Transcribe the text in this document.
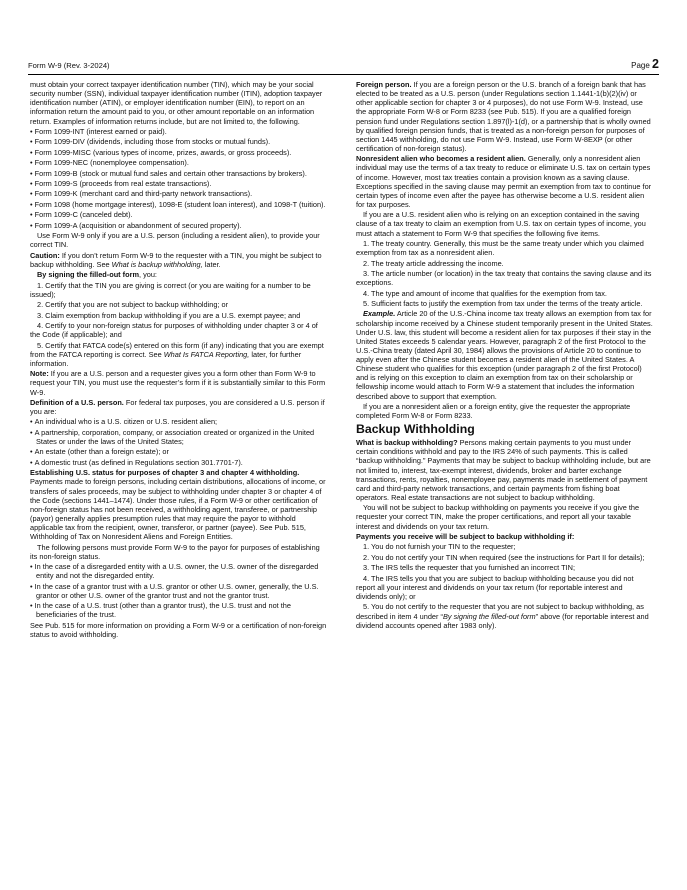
Form W-9 (Rev. 3-2024)	Page 2

must obtain your correct taxpayer identification number (TIN), which may be your social security number (SSN), individual taxpayer identification number (ITIN), adoption taxpayer identification number (ATIN), or employer identification number (EIN), to report on an information return the amount paid to you, or other amount reportable on an information return. Examples of information returns include, but are not limited to, the following.

• Form 1099-INT (interest earned or paid).

• Form 1099-DIV (dividends, including those from stocks or mutual funds).

• Form 1099-MISC (various types of income, prizes, awards, or gross proceeds).

• Form 1099-NEC (nonemployee compensation).

• Form 1099-B (stock or mutual fund sales and certain other transactions by brokers).

• Form 1099-S (proceeds from real estate transactions).

• Form 1099-K (merchant card and third-party network transactions).

• Form 1098 (home mortgage interest), 1098-E (student loan interest), and 1098-T (tuition).

• Form 1099-C (canceled debt).

• Form 1099-A (acquisition or abandonment of secured property).

Use Form W-9 only if you are a U.S. person (including a resident alien), to provide your correct TIN.

Caution: If you don’t return Form W-9 to the requester with a TIN, you might be subject to backup withholding. See What is backup withholding, later.

By signing the filled-out form, you:

1. Certify that the TIN you are giving is correct (or you are waiting for a number to be issued);

2. Certify that you are not subject to backup withholding; or

3. Claim exemption from backup withholding if you are a U.S. exempt payee; and

4. Certify to your non-foreign status for purposes of withholding under chapter 3 or 4 of the Code (if applicable); and

5. Certify that FATCA code(s) entered on this form (if any) indicating that you are exempt from the FATCA reporting is correct. See What Is FATCA Reporting, later, for further information.

Note: If you are a U.S. person and a requester gives you a form other than Form W-9 to request your TIN, you must use the requester’s form if it is substantially similar to this Form W-9.

Definition of a U.S. person. For federal tax purposes, you are considered a U.S. person if you are:

• An individual who is a U.S. citizen or U.S. resident alien;

• A partnership, corporation, company, or association created or organized in the United States or under the laws of the United States;

• An estate (other than a foreign estate); or

• A domestic trust (as defined in Regulations section 301.7701-7).

Establishing U.S. status for purposes of chapter 3 and chapter 4 withholding. Payments made to foreign persons, including certain distributions, allocations of income, or transfers of sales proceeds, may be subject to withholding under chapter 3 or chapter 4 of the Code (sections 1441–1474). Under those rules, if a Form W-9 or other certification of non-foreign status has not been received, a withholding agent, transferee, or partnership (payor) generally applies presumption rules that may require the payor to withhold applicable tax from the recipient, owner, transferor, or partner (payee). See Pub. 515, Withholding of Tax on Nonresident Aliens and Foreign Entities.

The following persons must provide Form W-9 to the payor for purposes of establishing its non-foreign status.

• In the case of a disregarded entity with a U.S. owner, the U.S. owner of the disregarded entity and not the disregarded entity.

• In the case of a grantor trust with a U.S. grantor or other U.S. owner, generally, the U.S. grantor or other U.S. owner of the grantor trust and not the grantor trust.

• In the case of a U.S. trust (other than a grantor trust), the U.S. trust and not the beneficiaries of the trust.

See Pub. 515 for more information on providing a Form W-9 or a certification of non-foreign status to avoid withholding.

Foreign person. If you are a foreign person or the U.S. branch of a foreign bank that has elected to be treated as a U.S. person (under Regulations section 1.1441-1(b)(2)(iv) or other applicable section for chapter 3 or 4 purposes), do not use Form W-9. Instead, use the appropriate Form W-8 or Form 8233 (see Pub. 515). If you are a qualified foreign pension fund under Regulations section 1.897(l)-1(d), or a partnership that is wholly owned by qualified foreign pension funds, that is treated as a non-foreign person for purposes of section 1445 withholding, do not use Form W-9. Instead, use Form W-8EXP (or other certification of non-foreign status).

Nonresident alien who becomes a resident alien. Generally, only a nonresident alien individual may use the terms of a tax treaty to reduce or eliminate U.S. tax on certain types of income. However, most tax treaties contain a provision known as a saving clause. Exceptions specified in the saving clause may permit an exemption from tax to continue for certain types of income even after the payee has otherwise become a U.S. resident alien for tax purposes.

If you are a U.S. resident alien who is relying on an exception contained in the saving clause of a tax treaty to claim an exemption from U.S. tax on certain types of income, you must attach a statement to Form W-9 that specifies the following five items.

1. The treaty country. Generally, this must be the same treaty under which you claimed exemption from tax as a nonresident alien.

2. The treaty article addressing the income.

3. The article number (or location) in the tax treaty that contains the saving clause and its exceptions.

4. The type and amount of income that qualifies for the exemption from tax.

5. Sufficient facts to justify the exemption from tax under the terms of the treaty article.

Example. Article 20 of the U.S.-China income tax treaty allows an exemption from tax for scholarship income received by a Chinese student temporarily present in the United States. Under U.S. law, this student will become a resident alien for tax purposes if their stay in the United States exceeds 5 calendar years. However, paragraph 2 of the first Protocol to the U.S.-China treaty (dated April 30, 1984) allows the provisions of Article 20 to continue to apply even after the Chinese student becomes a resident alien of the United States. A Chinese student who qualifies for this exception (under paragraph 2 of the first Protocol) and is relying on this exception to claim an exemption from tax on their scholarship or fellowship income would attach to Form W-9 a statement that includes the information described above to support that exemption.

If you are a nonresident alien or a foreign entity, give the requester the appropriate completed Form W-8 or Form 8233.

Backup Withholding

What is backup withholding? Persons making certain payments to you must under certain conditions withhold and pay to the IRS 24% of such payments. This is called “backup withholding.” Payments that may be subject to backup withholding include, but are not limited to, interest, tax-exempt interest, dividends, broker and barter exchange transactions, rents, royalties, nonemployee pay, payments made in settlement of payment card and third-party network transactions, and certain payments from fishing boat operators. Real estate transactions are not subject to backup withholding.

You will not be subject to backup withholding on payments you receive if you give the requester your correct TIN, make the proper certifications, and report all your taxable interest and dividends on your tax return.

Payments you receive will be subject to backup withholding if:

1. You do not furnish your TIN to the requester;

2. You do not certify your TIN when required (see the instructions for Part II for details);

3. The IRS tells the requester that you furnished an incorrect TIN;

4. The IRS tells you that you are subject to backup withholding because you did not report all your interest and dividends on your tax return (for reportable interest and dividends only); or

5. You do not certify to the requester that you are not subject to backup withholding, as described in item 4 under “By signing the filled-out form” above (for reportable interest and dividend accounts opened after 1983 only).
